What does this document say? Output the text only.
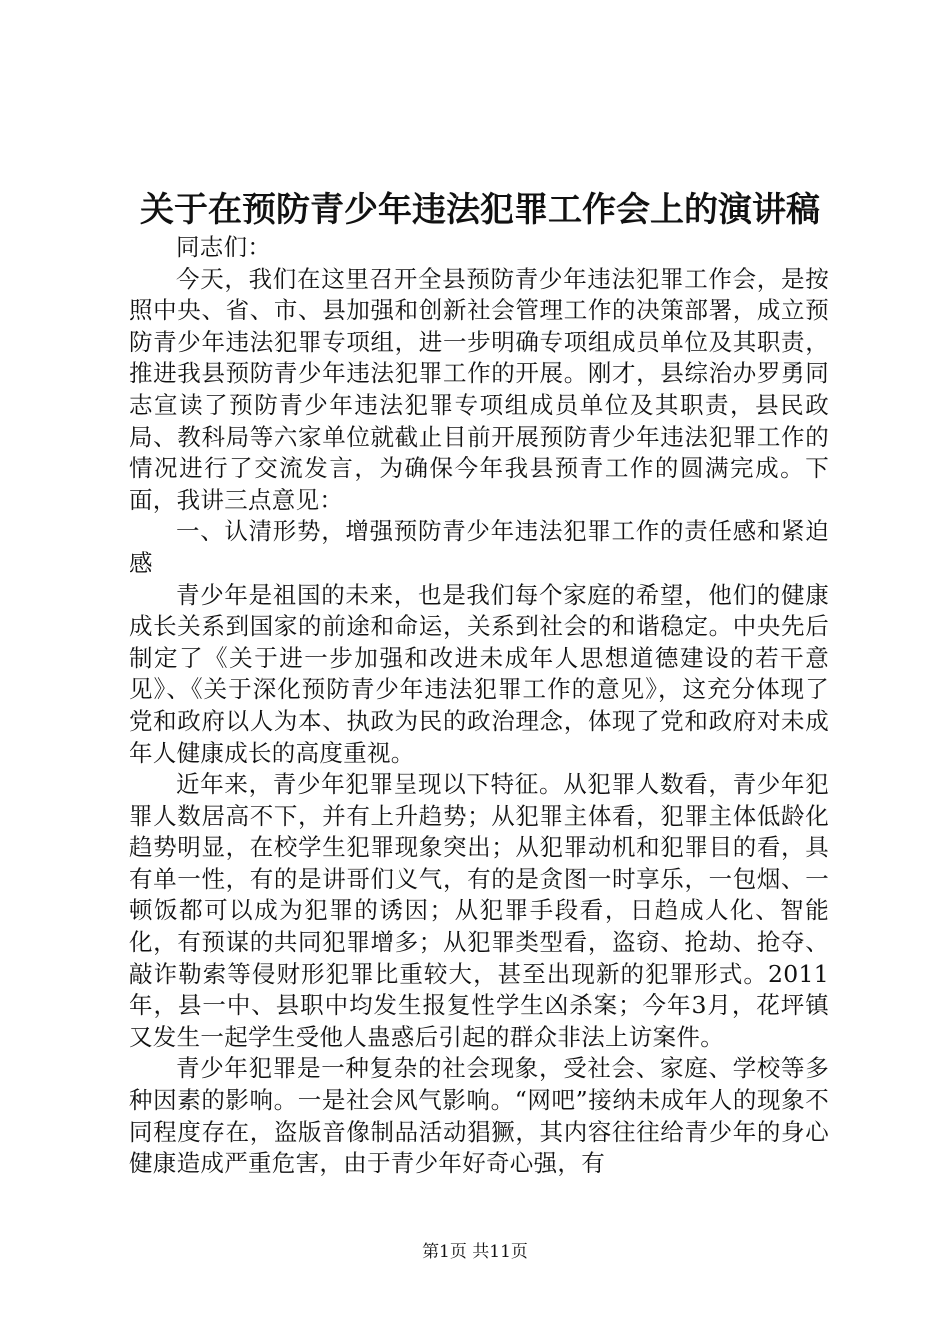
关于在预防青少年违法犯罪工作会上的演讲稿

同志们：

今天，我们在这里召开全县预防青少年违法犯罪工作会，是按照中央、省、市、县加强和创新社会管理工作的决策部署，成立预防青少年违法犯罪专项组，进一步明确专项组成员单位及其职责，推进我县预防青少年违法犯罪工作的开展。刚才，县综治办罗勇同志宣读了预防青少年违法犯罪专项组成员单位及其职责，县民政局、教科局等六家单位就截止目前开展预防青少年违法犯罪工作的情况进行了交流发言，为确保今年我县预青工作的圆满完成。下面，我讲三点意见：

一、认清形势，增强预防青少年违法犯罪工作的责任感和紧迫感

青少年是祖国的未来，也是我们每个家庭的希望，他们的健康成长关系到国家的前途和命运，关系到社会的和谐稳定。中央先后制定了《关于进一步加强和改进未成年人思想道德建设的若干意见》、《关于深化预防青少年违法犯罪工作的意见》，这充分体现了党和政府以人为本、执政为民的政治理念，体现了党和政府对未成年人健康成长的高度重视。

近年来，青少年犯罪呈现以下特征。从犯罪人数看，青少年犯罪人数居高不下，并有上升趋势；从犯罪主体看，犯罪主体低龄化趋势明显，在校学生犯罪现象突出；从犯罪动机和犯罪目的看，具有单一性，有的是讲哥们义气，有的是贪图一时享乐，一包烟、一顿饭都可以成为犯罪的诱因；从犯罪手段看，日趋成人化、智能化，有预谋的共同犯罪增多；从犯罪类型看，盗窃、抢劫、抢夺、敲诈勒索等侵财形犯罪比重较大，甚至出现新的犯罪形式。2011年，县一中、县职中均发生报复性学生凶杀案；今年3月，花坪镇又发生一起学生受他人蛊惑后引起的群众非法上访案件。

青少年犯罪是一种复杂的社会现象，受社会、家庭、学校等多种因素的影响。一是社会风气影响。“网吧”接纳未成年人的现象不同程度存在，盗版音像制品活动猖獗，其内容往往给青少年的身心健康造成严重危害，由于青少年好奇心强，有

第1页 共11页
